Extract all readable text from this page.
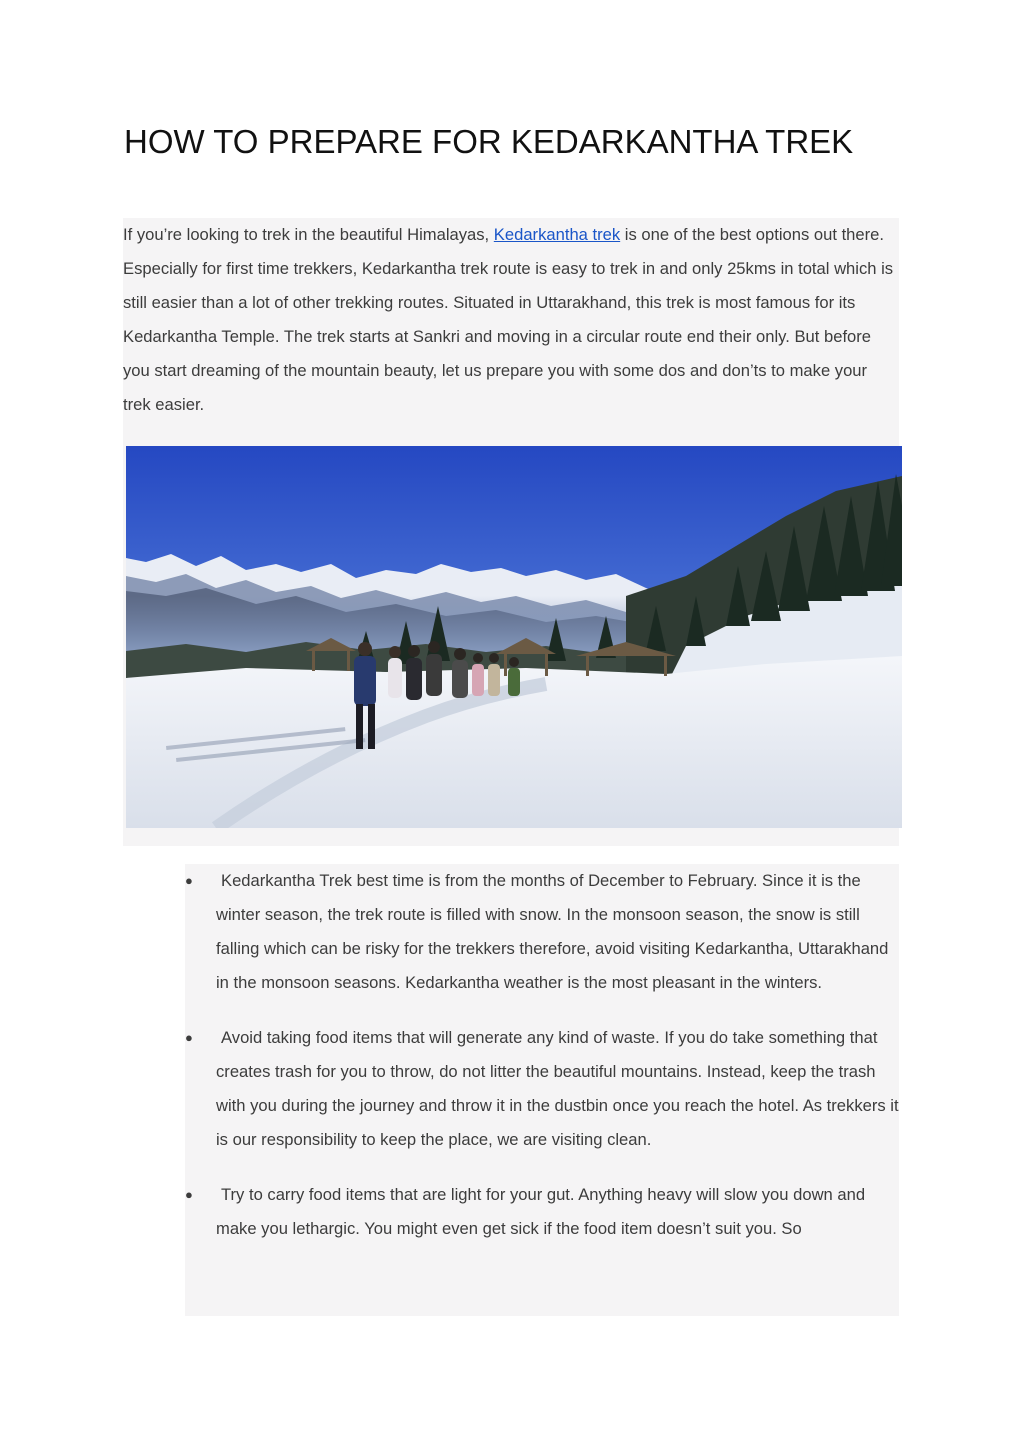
HOW TO PREPARE FOR KEDARKANTHA TREK

If you’re looking to trek in the beautiful Himalayas, Kedarkantha trek is one of the best options out there. Especially for first time trekkers, Kedarkantha trek route is easy to trek in and only 25kms in total which is still easier than a lot of other trekking routes. Situated in Uttarakhand, this trek is most famous for its Kedarkantha Temple. The trek starts at Sankri and moving in a circular route end their only. But before you start dreaming of the mountain beauty, let us prepare you with some dos and don’ts to make your trek easier.

●	Kedarkantha Trek best time is from the months of December to February. Since it is the winter season, the trek route is filled with snow. In the monsoon season, the snow is still falling which can be risky for the trekkers therefore, avoid visiting Kedarkantha, Uttarakhand in the monsoon seasons. Kedarkantha weather is the most pleasant in the winters.
●	Avoid taking food items that will generate any kind of waste. If you do take something that creates trash for you to throw, do not litter the beautiful mountains. Instead, keep the trash with you during the journey and throw it in the dustbin once you reach the hotel. As trekkers it is our responsibility to keep the place, we are visiting clean.
●	Try to carry food items that are light for your gut. Anything heavy will slow you down and make you lethargic. You might even get sick if the food item doesn’t suit you. So
